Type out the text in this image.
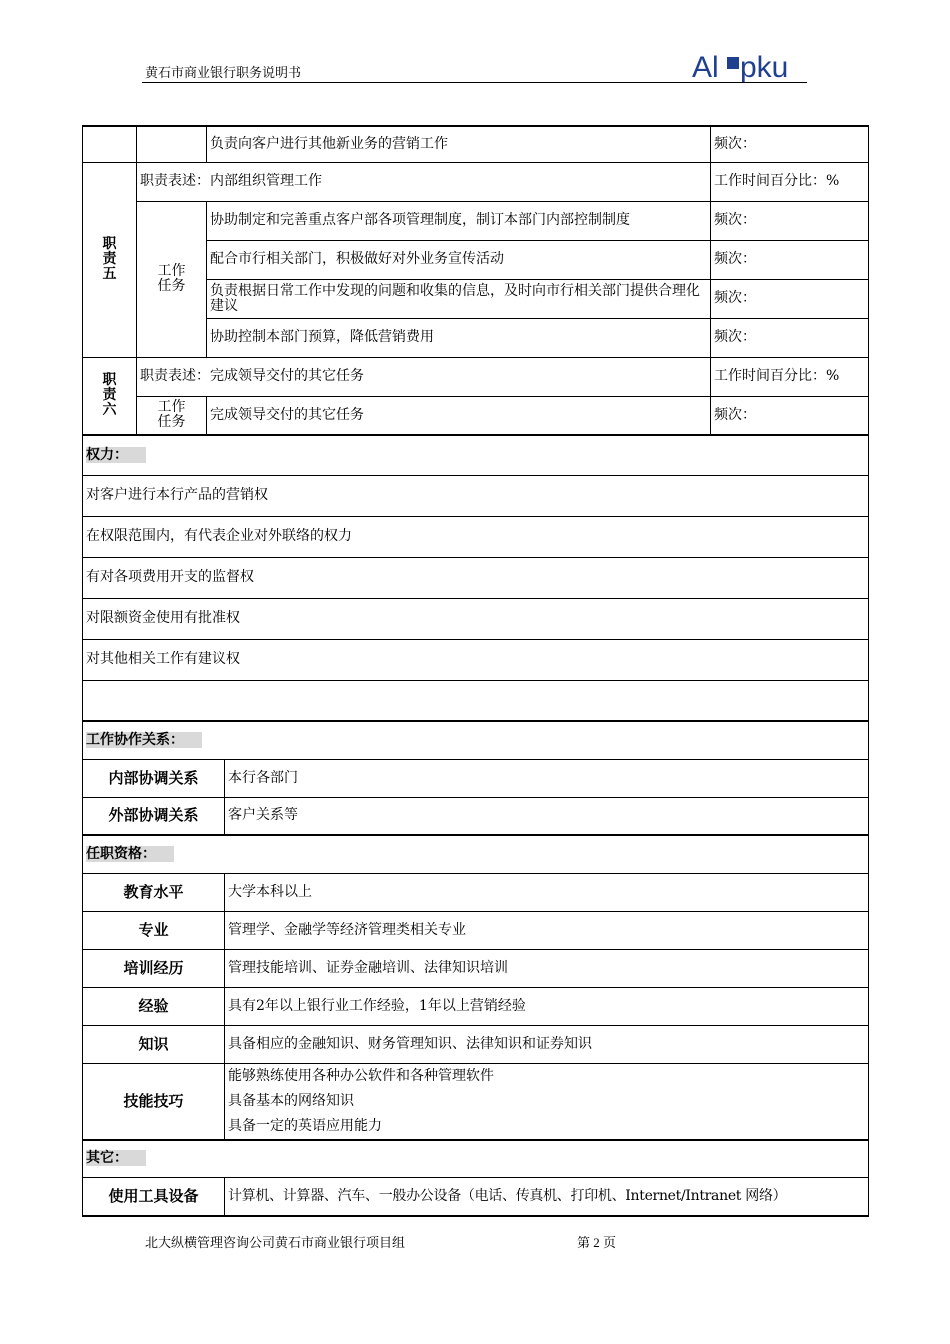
黄石市商业银行职务说明书	Al pku
		负责向客户进行其他新业务的营销工作		频次：

职
责
五	职责表述：内部组织管理工作			工作时间百分比：%

	工作
任务	协助制定和完善重点客户部各项管理制度，制订本部门内部控制制度		频次：
		配合市行相关部门，积极做好对外业务宣传活动		频次：
		负责根据日常工作中发现的问题和收集的信息，及时向市行相关部门提供合理化建议		频次：
		协助控制本部门预算，降低营销费用		频次：

职
责
六	职责表述：完成领导交付的其它任务			工作时间百分比：%

	工作
任务	完成领导交付的其它任务		频次：
权力：				
对客户进行本行产品的营销权				
在权限范围内，有代表企业对外联络的权力				
有对各项费用开支的监督权				
对限额资金使用有批准权				
对其他相关工作有建议权				

工作协作关系：				
内部协调关系			本行各部门	
外部协调关系			客户关系等	
任职资格：				
教育水平			大学本科以上	
专业			管理学、金融学等经济管理类相关专业	
培训经历			管理技能培训、证券金融培训、法律知识培训	
经验			具有2年以上银行业工作经验，1年以上营销经验	
知识			具备相应的金融知识、财务管理知识、法律知识和证券知识	
技能技巧			能够熟练使用各种办公软件和各种管理软件
具备基本的网络知识
具备一定的英语应用能力	

其它：				
使用工具设备			计算机、计算器、汽车、一般办公设备（电话、传真机、打印机、Internet/Intranet 网络）	
北大纵横管理咨询公司黄石市商业银行项目组	第 2 页
